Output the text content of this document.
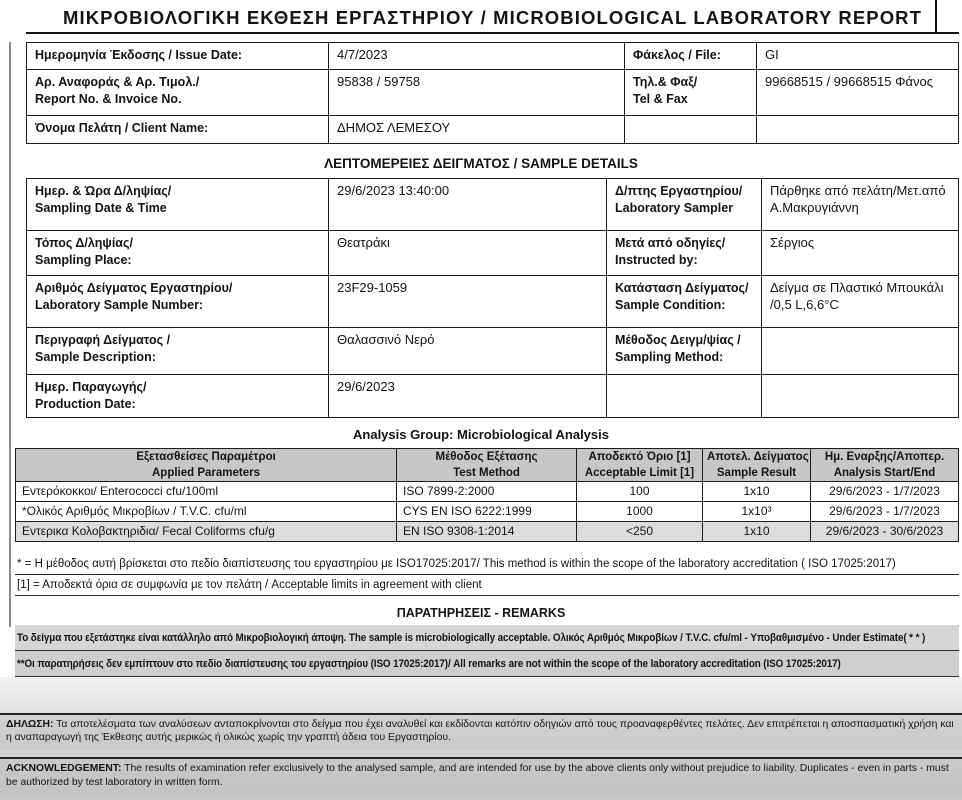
ΜΙΚΡΟΒΙΟΛΟΓΙΚΗ ΕΚΘΕΣΗ ΕΡΓΑΣΤΗΡΙΟΥ / MICROBIOLOGICAL LABORATORY REPORT
Ημερομηνία Έκδοσης / Issue Date:	4/7/2023	Φάκελος / File:	GI
Αρ. Αναφοράς & Αρ. Τιμολ./
Report No. & Invoice No.	95838 / 59758	Τηλ.& Φαξ/
Tel & Fax	99668515 / 99668515 Φάνος
Όνομα Πελάτη / Client Name:	ΔΗΜΟΣ ΛΕΜΕΣΟΥ		
ΛΕΠΤΟΜΕΡΕΙΕΣ ΔΕΙΓΜΑΤΟΣ / SAMPLE DETAILS
Ημερ. & Ώρα Δ/ληψίας/
Sampling Date & Time	29/6/2023 13:40:00	Δ/πτης Εργαστηρίου/
Laboratory Sampler	Πάρθηκε από πελάτη/Μετ.από
Α.Μακρυγιάννη
Τόπος Δ/ληψίας/
Sampling Place:	Θεατράκι	Μετά από οδηγίες/
Instructed by:	Σέργιος
Αριθμός Δείγματος Εργαστηρίου/
Laboratory Sample Number:	23F29-1059	Κατάσταση Δείγματος/
Sample Condition:	Δείγμα σε Πλαστικό Μπουκάλι
/0,5 L,6,6°C
Περιγραφή Δείγματος /
Sample Description:	Θαλασσινό Νερό	Μέθοδος Δειγμ/ψίας /
Sampling Method:	
Ημερ. Παραγωγής/
Production Date:	29/6/2023		
Analysis Group: Microbiological Analysis
Εξετασθείσες Παραμέτροι	Μέθοδος Εξέτασης	Αποδεκτό Όριο [1]	Αποτελ. Δείγματος	Ημ. Εναρξης/Αποπερ.
Applied Parameters	Test Method	Acceptable Limit [1]	Sample Result	Analysis Start/End
Εντερόκοκκοι/ Enterococci cfu/100ml	ISO 7899-2:2000	100	1x10	29/6/2023 - 1/7/2023
*Ολικός Αριθμός Μικροβίων / T.V.C. cfu/ml	CYS EN ISO 6222:1999	1000	1x10³	29/6/2023 - 1/7/2023
Εντερικα Κολοβακτηριδια/ Fecal Coliforms cfu/g	EN ISO 9308-1:2014	<250	1x10	29/6/2023 - 30/6/2023
* = Η μέθοδος αυτή βρίσκεται στο πεδίο διαπίστευσης του εργαστηρίου με ISO17025:2017/ This method is within the scope of the laboratory accreditation ( ISO 17025:2017)
[1] = Αποδεκτά όρια σε συμφωνία με τον πελάτη / Acceptable limits in agreement with client
ΠΑΡΑΤΗΡΗΣΕΙΣ - REMARKS
Το δείγμα που εξετάστηκε είναι κατάλληλο από Μικροβιολογική άποψη. The sample is microbiologically acceptable. Ολικός Αριθμός Μικροβίων / T.V.C. cfu/ml - Υποβαθμισμένο - Under Estimate( * * )
**Οι παρατηρήσεις δεν εμπίπτουν στο πεδίο διαπίστευσης του εργαστηρίου (ISO 17025:2017)/ All remarks are not within the scope of the laboratory accreditation (ISO 17025:2017)

ΔΗΛΩΣΗ: Τα αποτελέσματα των αναλύσεων ανταποκρίνονται στο δείγμα που έχει αναλυθεί και εκδίδονται κατόπιν οδηγιών από τους προαναφερθέντες πελάτες. Δεν επιτρέπεται η αποσπασματική χρήση και η αναπαραγωγή της Έκθεσης αυτής μερικώς ή ολικώς χωρίς την γραπτή άδεια του Εργαστηρίου.

ACKNOWLEDGEMENT: The results of examination refer exclusively to the analysed sample, and are intended for use by the above clients only without prejudice to liability. Duplicates - even in parts - must be authorized by test laboratory in written form.
